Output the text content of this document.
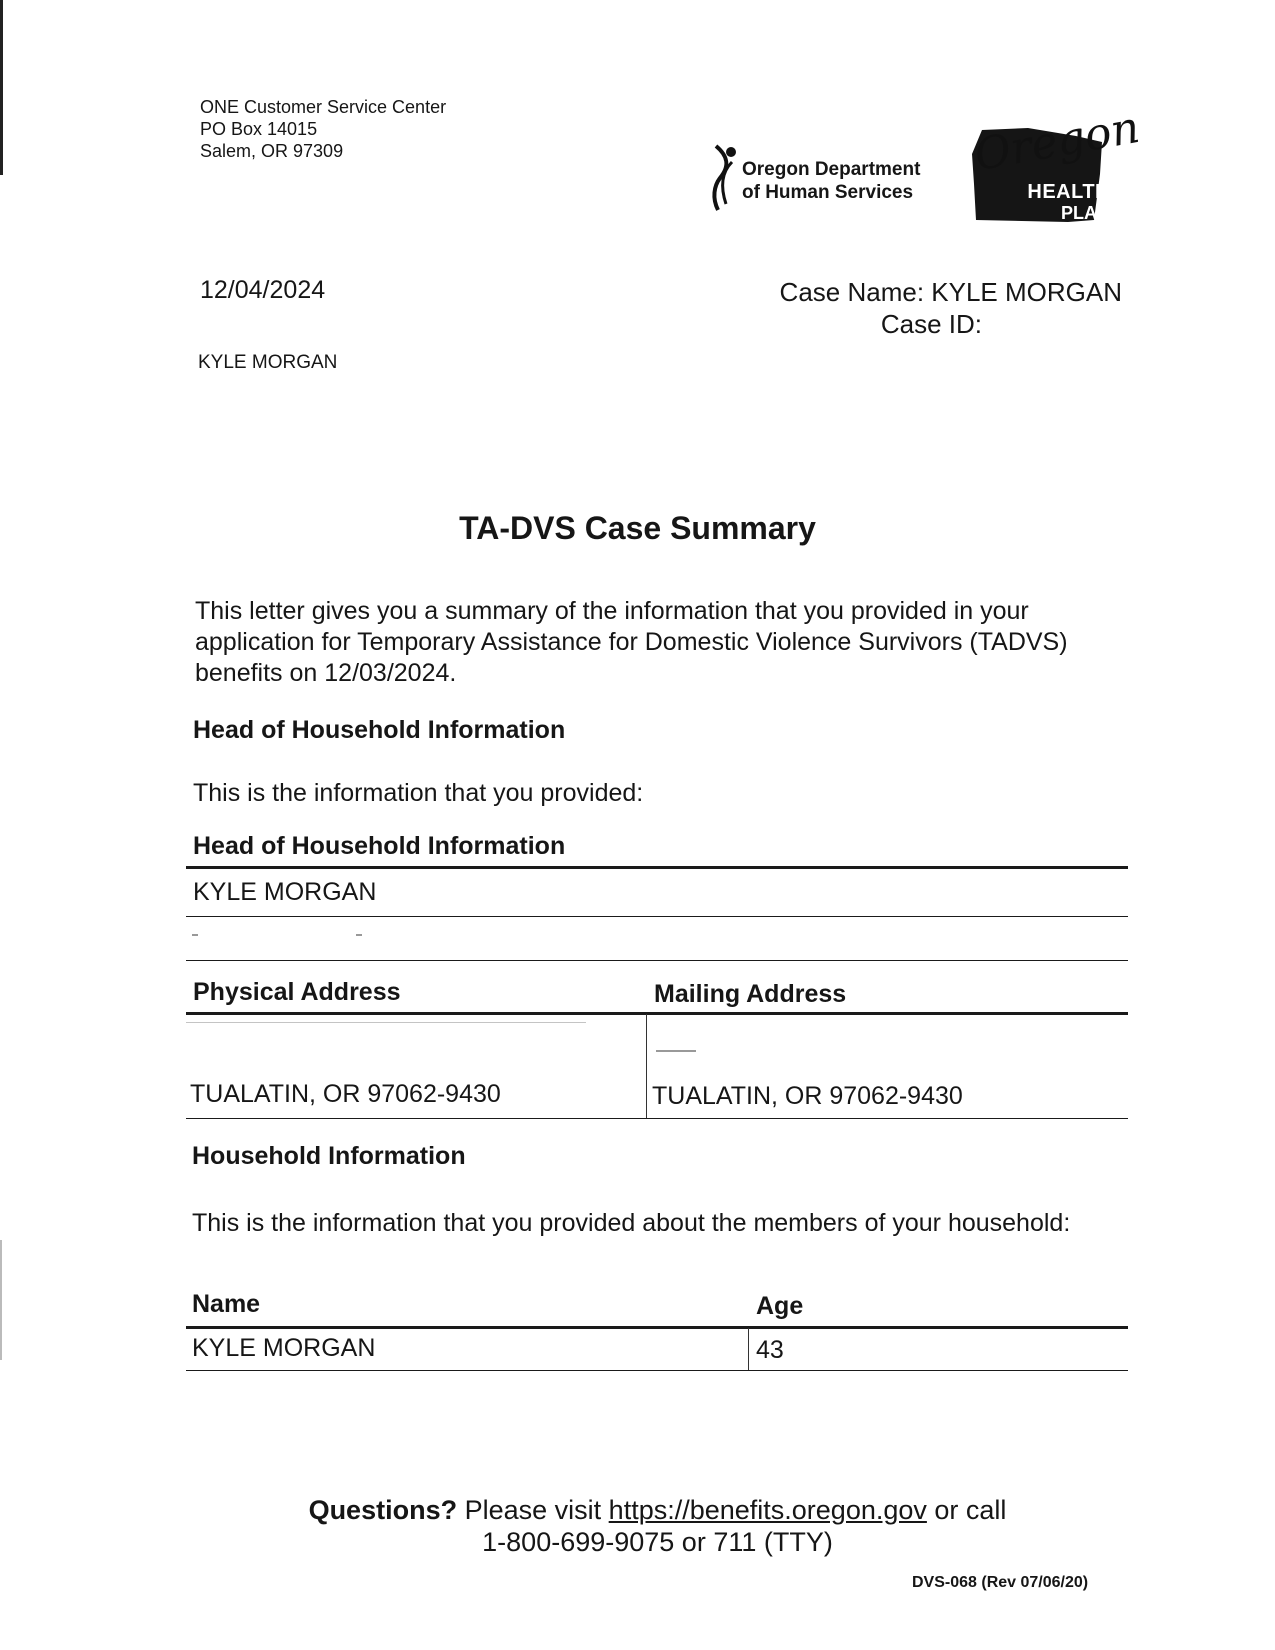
ONE Customer Service Center
PO Box 14015
Salem, OR 97309
Oregon Department
of Human Services
Oregon
HEALTH
PLAN
12/04/2024	Case Name: KYLE MORGAN
Case ID:
KYLE MORGAN
TA-DVS Case Summary
This letter gives you a summary of the information that you provided in your application for Temporary Assistance for Domestic Violence Survivors (TADVS) benefits on 12/03/2024.
Head of Household Information
This is the information that you provided:
Head of Household Information
KYLE MORGAN
Physical Address	Mailing Address
TUALATIN, OR 97062-9430	TUALATIN, OR 97062-9430
Household Information
This is the information that you provided about the members of your household:
Name	Age
KYLE MORGAN	43
Questions? Please visit https://benefits.oregon.gov or call
1-800-699-9075 or 711 (TTY)
DVS-068 (Rev 07/06/20)
